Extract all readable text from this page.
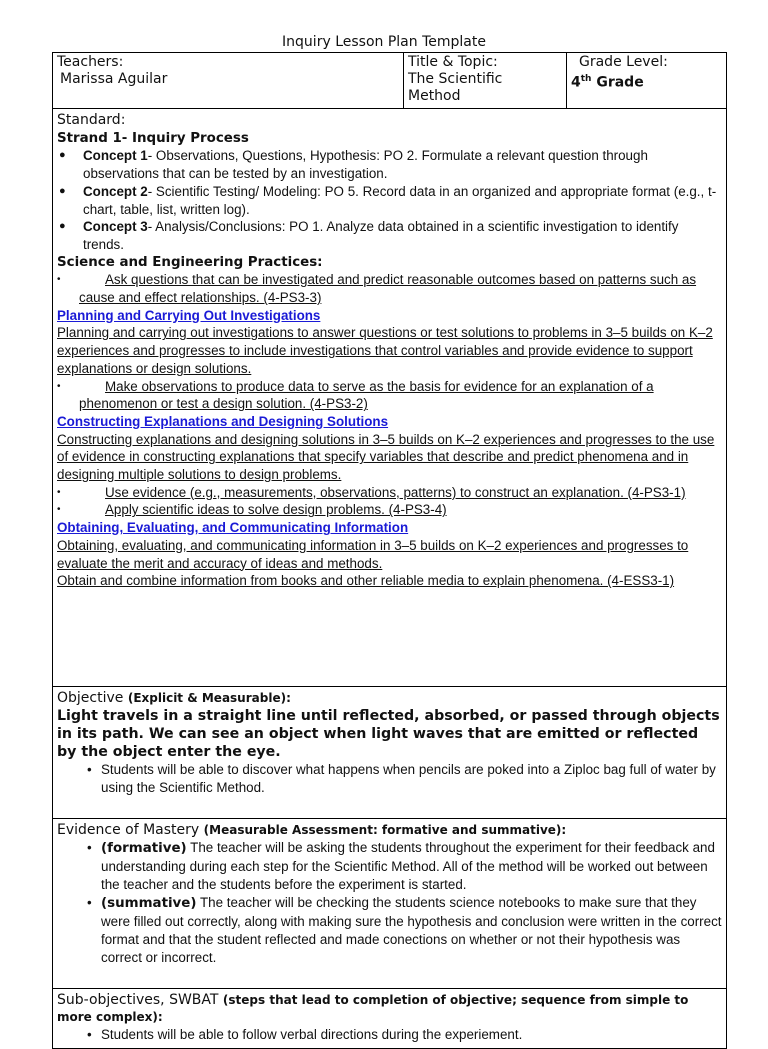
Inquiry Lesson Plan Template
Teachers:
Marissa Aguilar

Title & Topic:
The Scientific
Method

Grade Level:
4th Grade

Standard:
Strand 1- Inquiry Process
● Concept 1- Observations, Questions, Hypothesis: PO 2. Formulate a relevant question through observations that can be tested by an investigation.
● Concept 2- Scientific Testing/ Modeling: PO 5. Record data in an organized and appropriate format (e.g., t-chart, table, list, written log).
● Concept 3- Analysis/Conclusions: PO 1. Analyze data obtained in a scientific investigation to identify trends.
Science and Engineering Practices:
• Ask questions that can be investigated and predict reasonable outcomes based on patterns such as cause and effect relationships. (4-PS3-3)
Planning and Carrying Out Investigations
Planning and carrying out investigations to answer questions or test solutions to problems in 3–5 builds on K–2 experiences and progresses to include investigations that control variables and provide evidence to support explanations or design solutions.
• Make observations to produce data to serve as the basis for evidence for an explanation of a phenomenon or test a design solution. (4-PS3-2)
Constructing Explanations and Designing Solutions
Constructing explanations and designing solutions in 3–5 builds on K–2 experiences and progresses to the use of evidence in constructing explanations that specify variables that describe and predict phenomena and in designing multiple solutions to design problems.
• Use evidence (e.g., measurements, observations, patterns) to construct an explanation. (4-PS3-1)
• Apply scientific ideas to solve design problems. (4-PS3-4)
Obtaining, Evaluating, and Communicating Information
Obtaining, evaluating, and communicating information in 3–5 builds on K–2 experiences and progresses to evaluate the merit and accuracy of ideas and methods.
Obtain and combine information from books and other reliable media to explain phenomena. (4-ESS3-1)

Objective (Explicit & Measurable):
Light travels in a straight line until reflected, absorbed, or passed through objects in its path. We can see an object when light waves that are emitted or reflected by the object enter the eye.
• Students will be able to discover what happens when pencils are poked into a Ziploc bag full of water by using the Scientific Method.

Evidence of Mastery (Measurable Assessment: formative and summative):
• (formative) The teacher will be asking the students throughout the experiment for their feedback and understanding during each step for the Scientific Method. All of the method will be worked out between the teacher and the students before the experiment is started.
• (summative) The teacher will be checking the students science notebooks to make sure that they were filled out correctly, along with making sure the hypothesis and conclusion were written in the correct format and that the student reflected and made conections on whether or not their hypothesis was correct or incorrect.

Sub-objectives, SWBAT (steps that lead to completion of objective; sequence from simple to more complex):
• Students will be able to follow verbal directions during the experiement.
